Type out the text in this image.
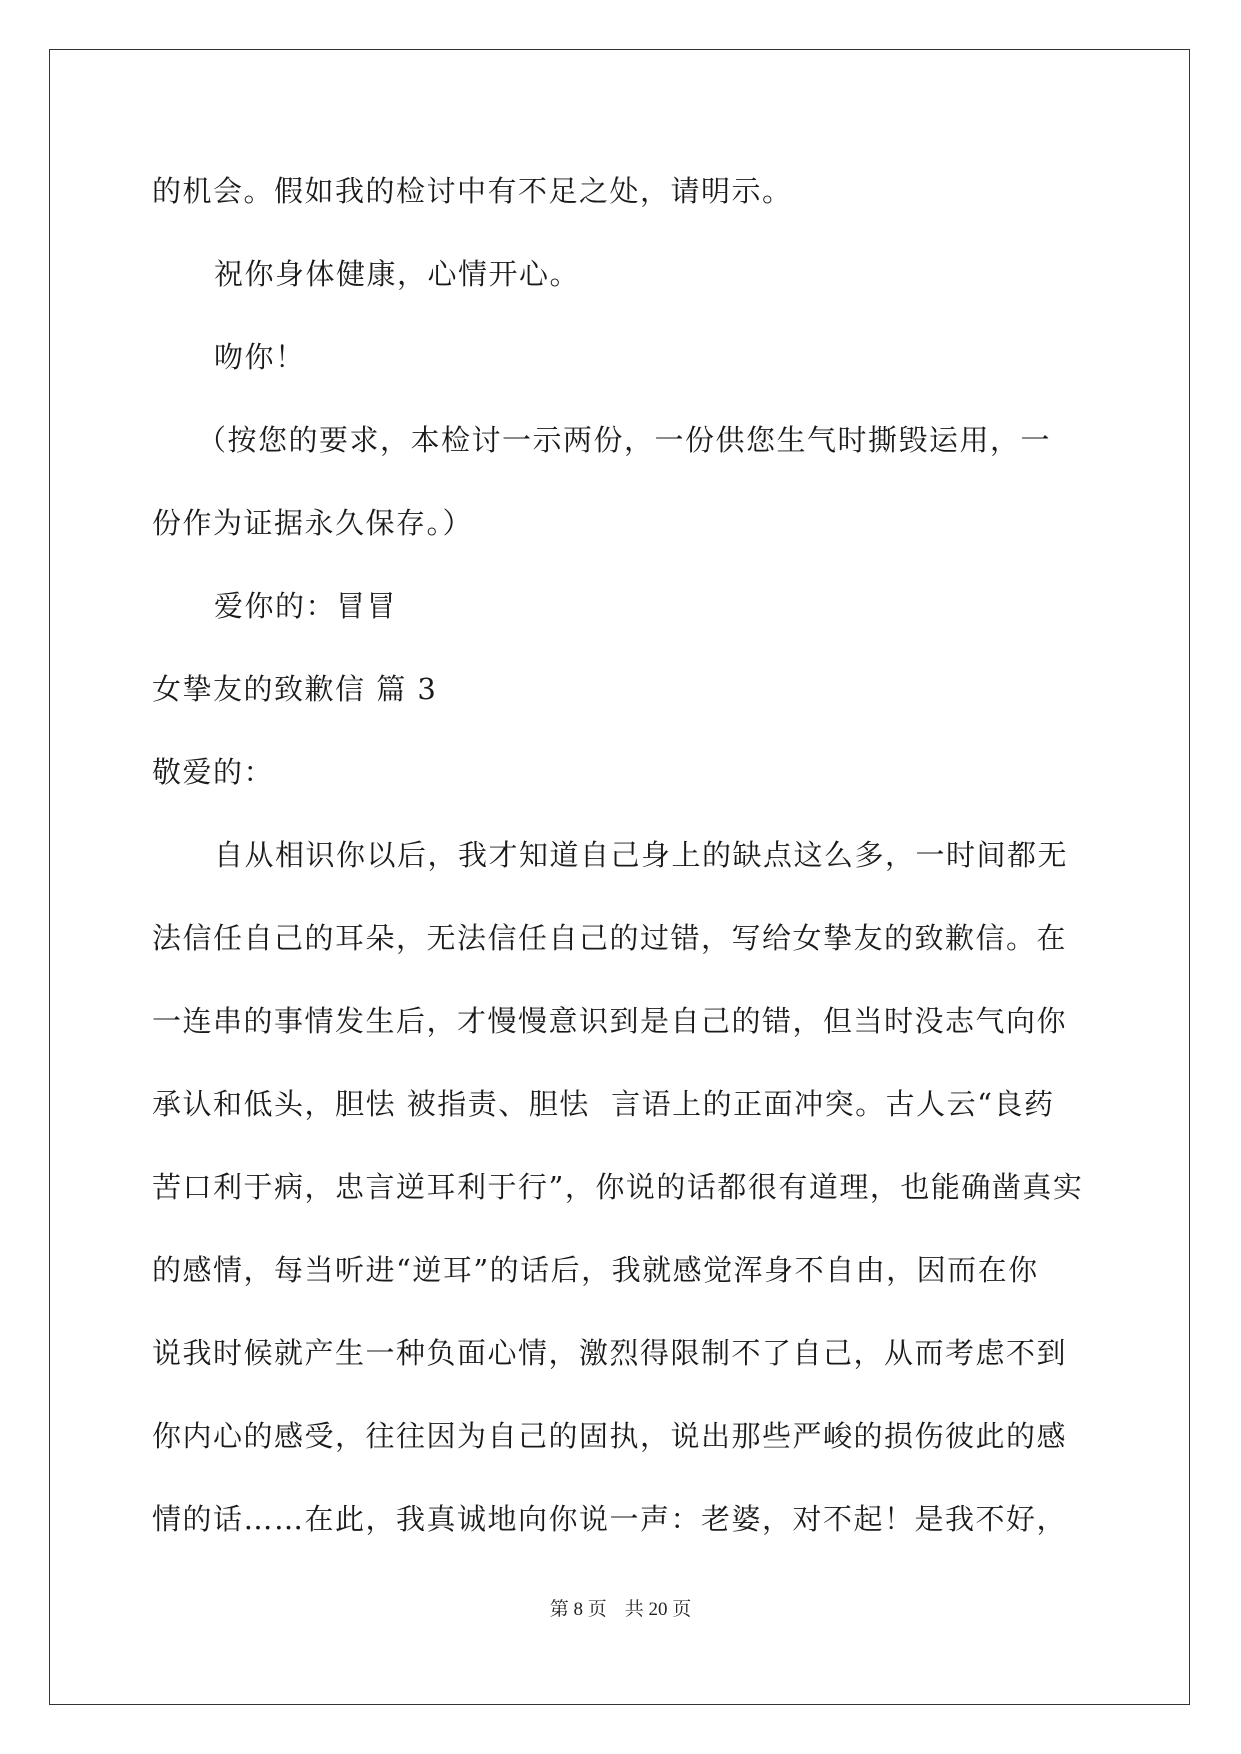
的机会。假如我的检讨中有不足之处，请明示。
祝你身体健康，心情开心。
吻你！
（按您的要求，本检讨一示两份，一份供您生气时撕毁运用，一
份作为证据永久保存。）
爱你的：冒冒
女挚友的致歉信 篇 3
敬爱的：
自从相识你以后，我才知道自己身上的缺点这么多，一时间都无
法信任自己的耳朵，无法信任自己的过错，写给女挚友的致歉信。在
一连串的事情发生后，才慢慢意识到是自己的错，但当时没志气向你
承认和低头，胆怯 被指责、胆怯  言语上的正面冲突。古人云“良药
苦口利于病，忠言逆耳利于行”，你说的话都很有道理，也能确凿真实
的感情，每当听进“逆耳”的话后，我就感觉浑身不自由，因而在你
说我时候就产生一种负面心情，激烈得限制不了自己，从而考虑不到
你内心的感受，往往因为自己的固执，说出那些严峻的损伤彼此的感
情的话……在此，我真诚地向你说一声：老婆，对不起！是我不好，
第 8 页 共 20 页
